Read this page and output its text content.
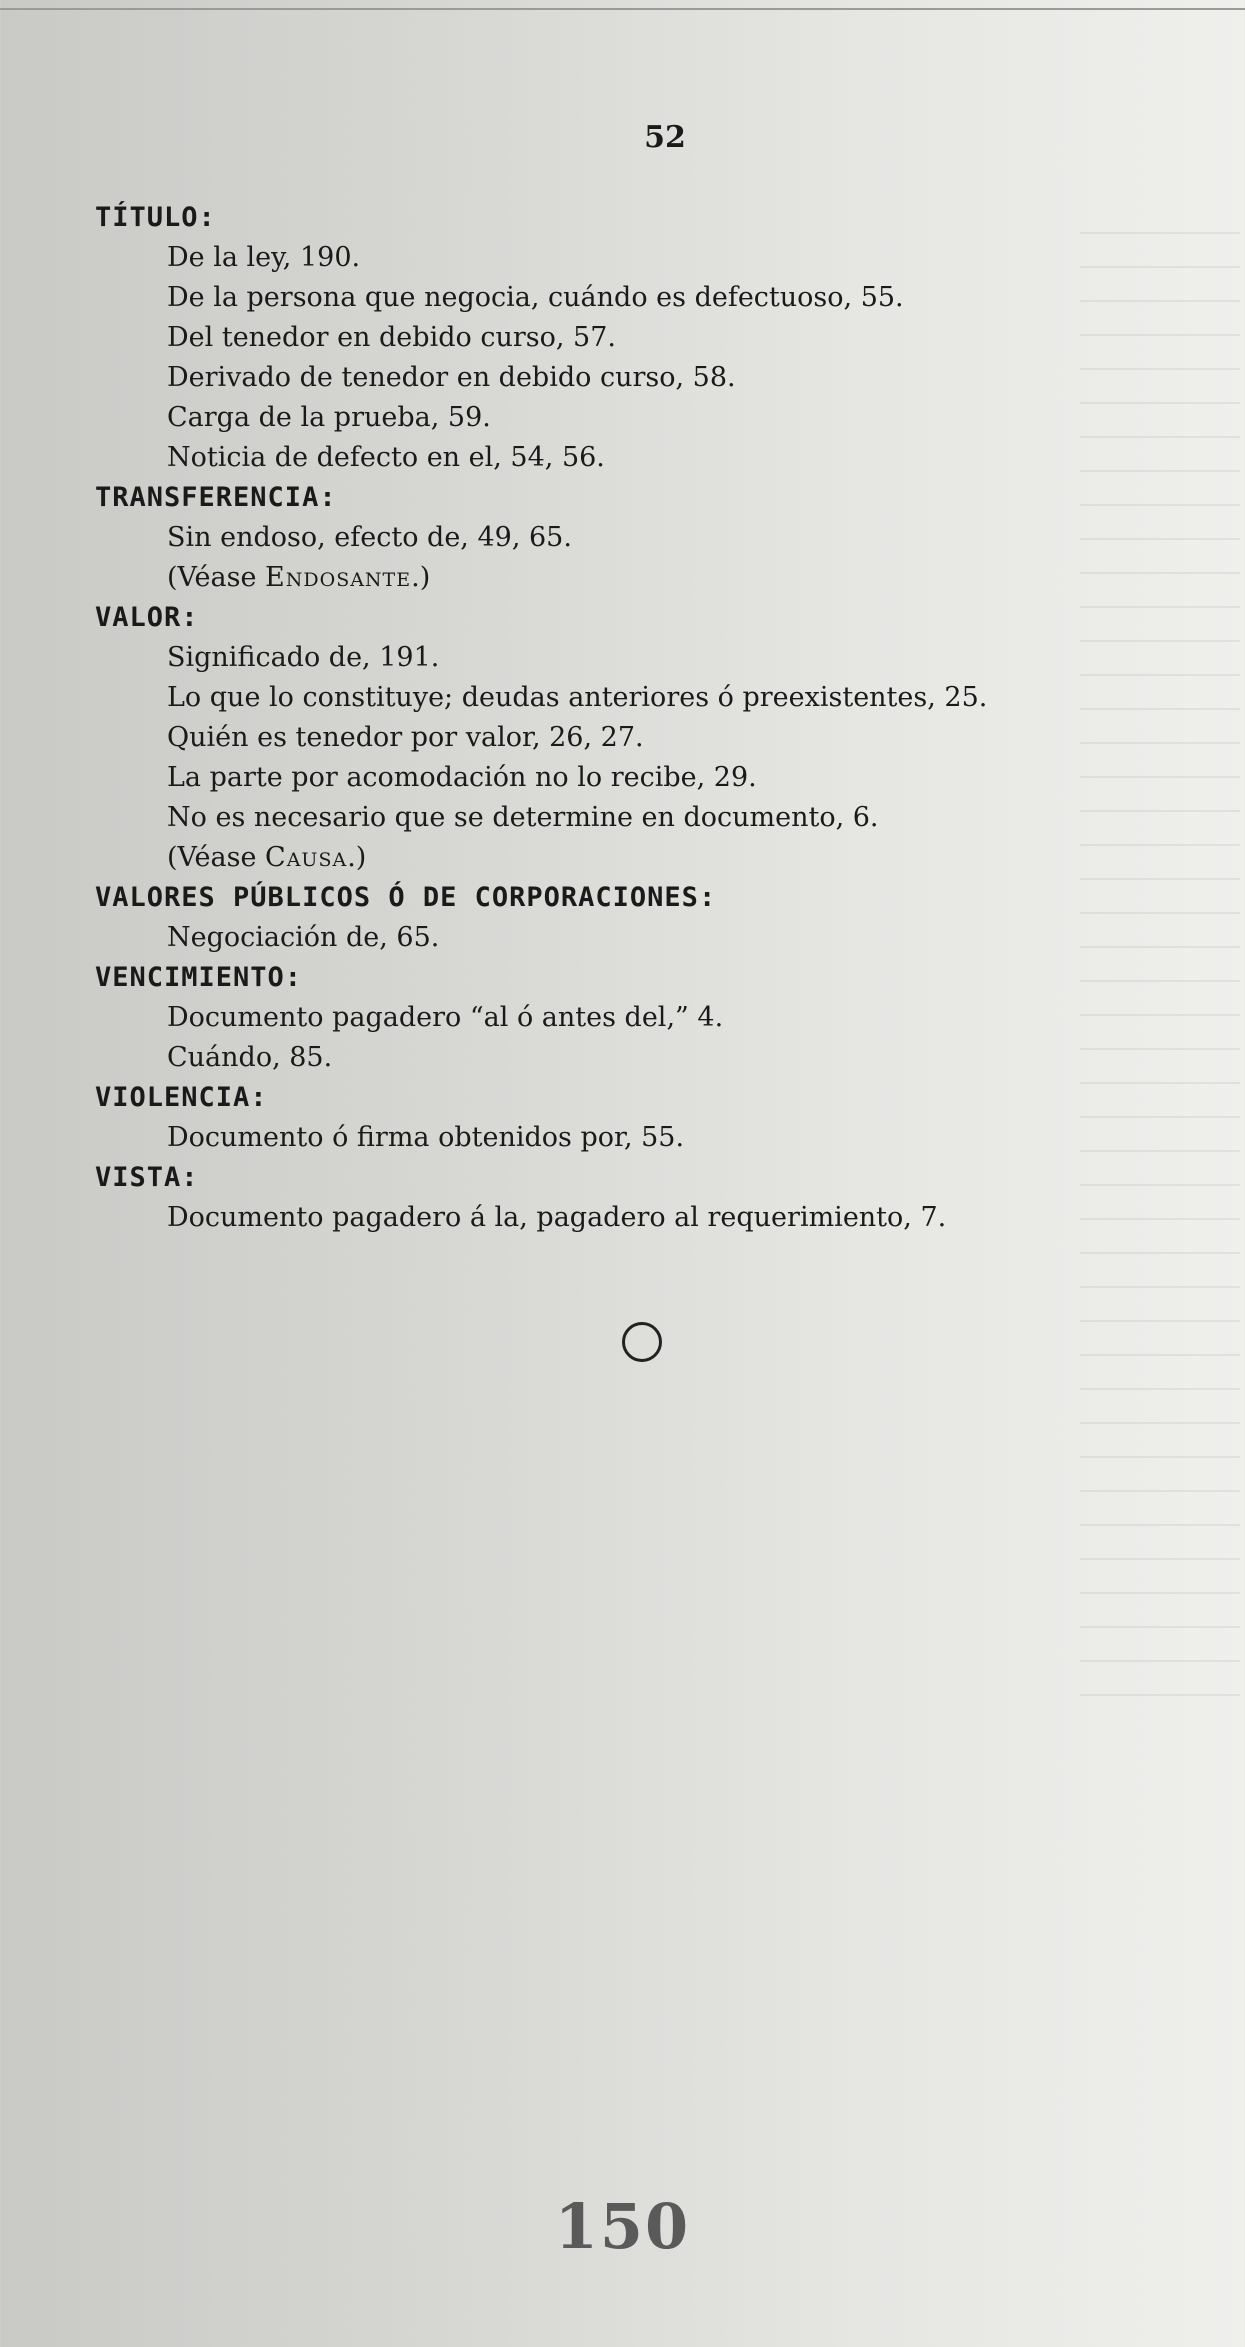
52
TÍTULO:
De la ley, 190.
De la persona que negocia, cuándo es defectuoso, 55.
Del tenedor en debido curso, 57.
Derivado de tenedor en debido curso, 58.
Carga de la prueba, 59.
Noticia de defecto en el, 54, 56.
TRANSFERENCIA:
Sin endoso, efecto de, 49, 65.
(Véase Endosante.)
VALOR:
Significado de, 191.
Lo que lo constituye; deudas anteriores ó preexistentes, 25.
Quién es tenedor por valor, 26, 27.
La parte por acomodación no lo recibe, 29.
No es necesario que se determine en documento, 6.
(Véase Causa.)
VALORES PÚBLICOS Ó DE CORPORACIONES:
Negociación de, 65.
VENCIMIENTO:
Documento pagadero “al ó antes del,” 4.
Cuándo, 85.
VIOLENCIA:
Documento ó firma obtenidos por, 55.
VISTA:
Documento pagadero á la, pagadero al requerimiento, 7.
150
